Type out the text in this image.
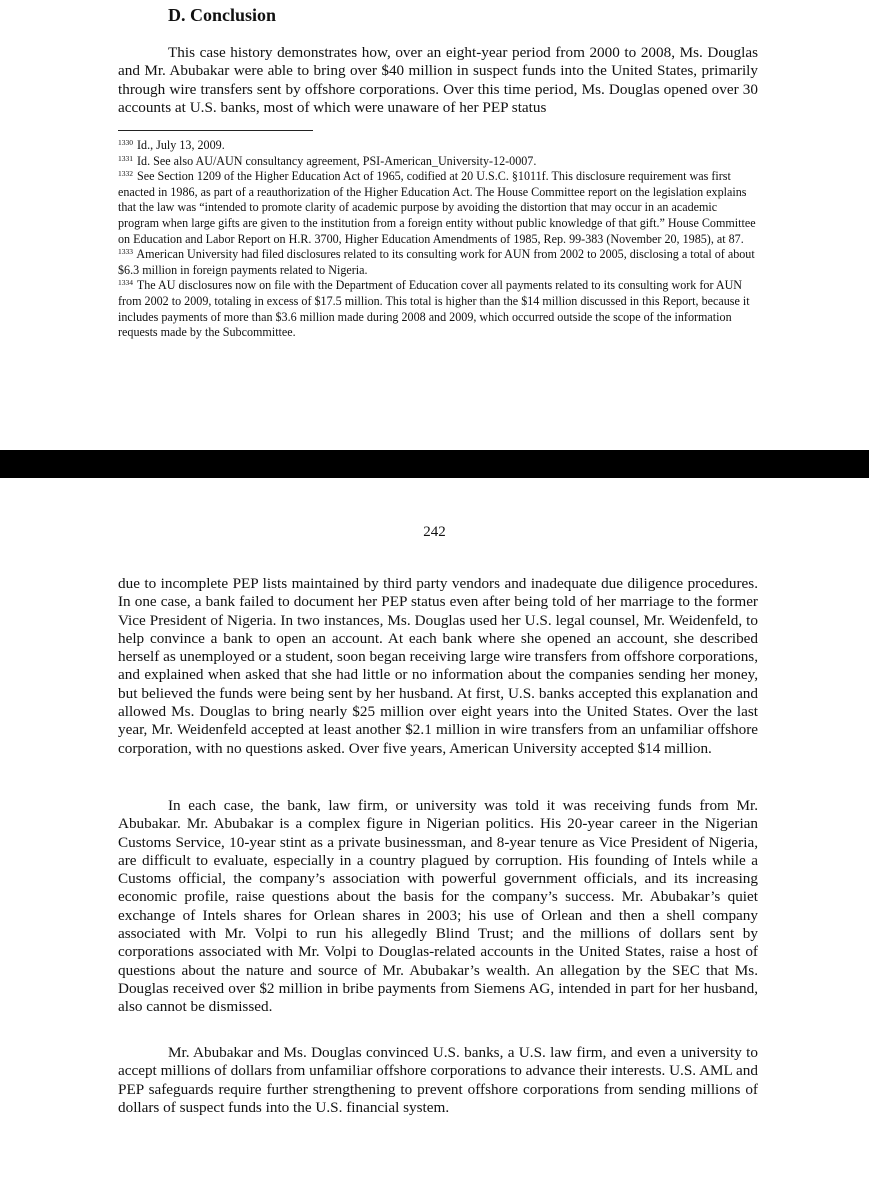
D. Conclusion

This case history demonstrates how, over an eight-year period from 2000 to 2008, Ms. Douglas and Mr. Abubakar were able to bring over $40 million in suspect funds into the United States, primarily through wire transfers sent by offshore corporations. Over this time period, Ms. Douglas opened over 30 accounts at U.S. banks, most of which were unaware of her PEP status

$^{1330}$ Id., July 13, 2009.

$^{1331}$ Id. See also AU/AUN consultancy agreement, PSI-American_University-12-0007.

$^{1332}$ See Section 1209 of the Higher Education Act of 1965, codified at 20 U.S.C. §1011f. This disclosure requirement was first enacted in 1986, as part of a reauthorization of the Higher Education Act. The House Committee report on the legislation explains that the law was “intended to promote clarity of academic purpose by avoiding the distortion that may occur in an academic program when large gifts are given to the institution from a foreign entity without public knowledge of that gift.” House Committee on Education and Labor Report on H.R. 3700, Higher Education Amendments of 1985, Rep. 99-383 (November 20, 1985), at 87.

$^{1333}$ American University had filed disclosures related to its consulting work for AUN from 2002 to 2005, disclosing a total of about $6.3 million in foreign payments related to Nigeria.

$^{1334}$ The AU disclosures now on file with the Department of Education cover all payments related to its consulting work for AUN from 2002 to 2009, totaling in excess of $17.5 million. This total is higher than the $14 million discussed in this Report, because it includes payments of more than $3.6 million made during 2008 and 2009, which occurred outside the scope of the information requests made by the Subcommittee.

242

due to incomplete PEP lists maintained by third party vendors and inadequate due diligence procedures. In one case, a bank failed to document her PEP status even after being told of her marriage to the former Vice President of Nigeria. In two instances, Ms. Douglas used her U.S. legal counsel, Mr. Weidenfeld, to help convince a bank to open an account. At each bank where she opened an account, she described herself as unemployed or a student, soon began receiving large wire transfers from offshore corporations, and explained when asked that she had little or no information about the companies sending her money, but believed the funds were being sent by her husband. At first, U.S. banks accepted this explanation and allowed Ms. Douglas to bring nearly $25 million over eight years into the United States. Over the last year, Mr. Weidenfeld accepted at least another $2.1 million in wire transfers from an unfamiliar offshore corporation, with no questions asked. Over five years, American University accepted $14 million.

In each case, the bank, law firm, or university was told it was receiving funds from Mr. Abubakar. Mr. Abubakar is a complex figure in Nigerian politics. His 20-year career in the Nigerian Customs Service, 10-year stint as a private businessman, and 8-year tenure as Vice President of Nigeria, are difficult to evaluate, especially in a country plagued by corruption. His founding of Intels while a Customs official, the company’s association with powerful government officials, and its increasing economic profile, raise questions about the basis for the company’s success. Mr. Abubakar’s quiet exchange of Intels shares for Orlean shares in 2003; his use of Orlean and then a shell company associated with Mr. Volpi to run his allegedly Blind Trust; and the millions of dollars sent by corporations associated with Mr. Volpi to Douglas-related accounts in the United States, raise a host of questions about the nature and source of Mr. Abubakar’s wealth. An allegation by the SEC that Ms. Douglas received over $2 million in bribe payments from Siemens AG, intended in part for her husband, also cannot be dismissed.

Mr. Abubakar and Ms. Douglas convinced U.S. banks, a U.S. law firm, and even a university to accept millions of dollars from unfamiliar offshore corporations to advance their interests. U.S. AML and PEP safeguards require further strengthening to prevent offshore corporations from sending millions of dollars of suspect funds into the U.S. financial system.
